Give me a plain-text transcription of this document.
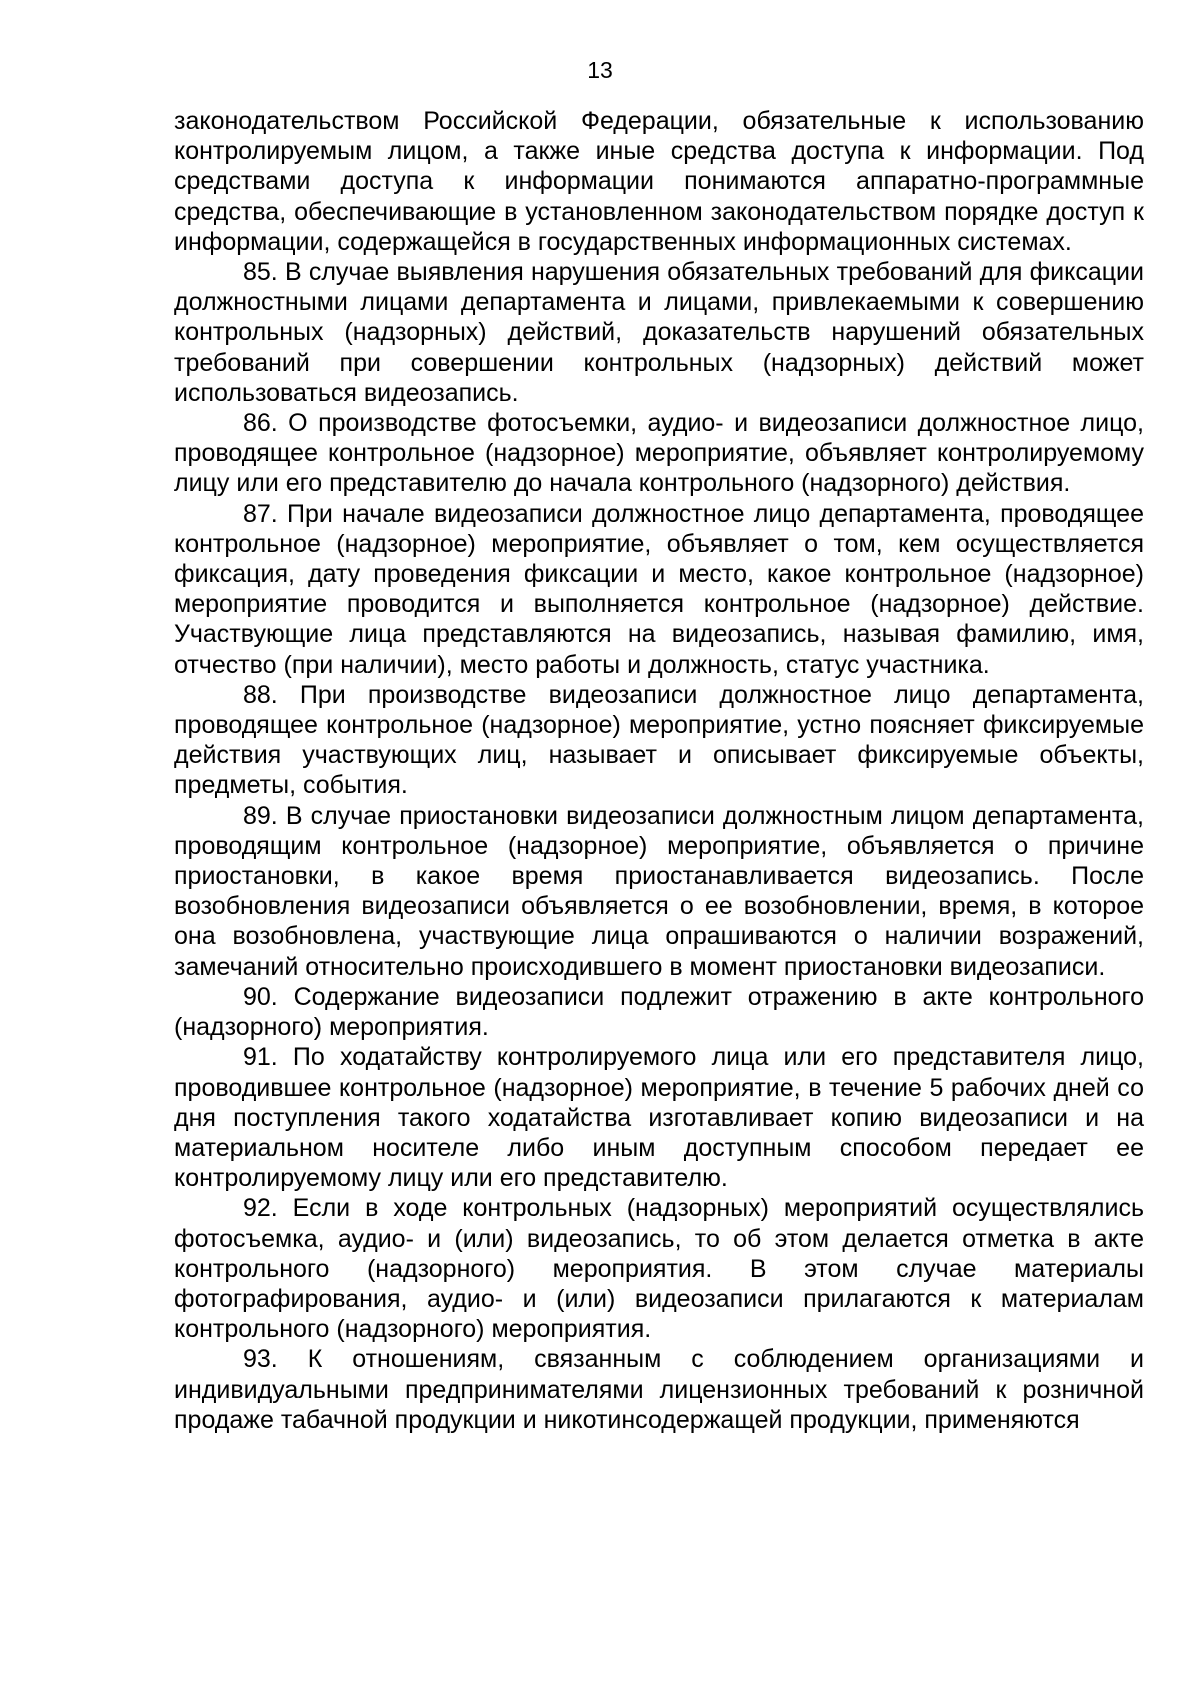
13

законодательством Российской Федерации, обязательные к использованию контролируемым лицом, а также иные средства доступа к информации. Под средствами доступа к информации понимаются аппаратно-программные средства, обеспечивающие в установленном законодательством порядке доступ к информации, содержащейся в государственных информационных системах.

85. В случае выявления нарушения обязательных требований для фиксации должностными лицами департамента и лицами, привлекаемыми к совершению контрольных (надзорных) действий, доказательств нарушений обязательных требований при совершении контрольных (надзорных) действий может использоваться видеозапись.

86. О производстве фотосъемки, аудио- и видеозаписи должностное лицо, проводящее контрольное (надзорное) мероприятие, объявляет контролируемому лицу или его представителю до начала контрольного (надзорного) действия.

87. При начале видеозаписи должностное лицо департамента, проводящее контрольное (надзорное) мероприятие, объявляет о том, кем осуществляется фиксация, дату проведения фиксации и место, какое контрольное (надзорное) мероприятие проводится и выполняется контрольное (надзорное) действие. Участвующие лица представляются на видеозапись, называя фамилию, имя, отчество (при наличии), место работы и должность, статус участника.

88. При производстве видеозаписи должностное лицо департамента, проводящее контрольное (надзорное) мероприятие, устно поясняет фиксируемые действия участвующих лиц, называет и описывает фиксируемые объекты, предметы, события.

89. В случае приостановки видеозаписи должностным лицом департамента, проводящим контрольное (надзорное) мероприятие, объявляется о причине приостановки, в какое время приостанавливается видеозапись. После возобновления видеозаписи объявляется о ее возобновлении, время, в которое она возобновлена, участвующие лица опрашиваются о наличии возражений, замечаний относительно происходившего в момент приостановки видеозаписи.

90. Содержание видеозаписи подлежит отражению в акте контрольного (надзорного) мероприятия.

91. По ходатайству контролируемого лица или его представителя лицо, проводившее контрольное (надзорное) мероприятие, в течение 5 рабочих дней со дня поступления такого ходатайства изготавливает копию видеозаписи и на материальном носителе либо иным доступным способом передает ее контролируемому лицу или его представителю.

92. Если в ходе контрольных (надзорных) мероприятий осуществлялись фотосъемка, аудио- и (или) видеозапись, то об этом делается отметка в акте контрольного (надзорного) мероприятия. В этом случае материалы фотографирования, аудио- и (или) видеозаписи прилагаются к материалам контрольного (надзорного) мероприятия.

93. К отношениям, связанным с соблюдением организациями и индивидуальными предпринимателями лицензионных требований к розничной продаже табачной продукции и никотинсодержащей продукции, применяются
